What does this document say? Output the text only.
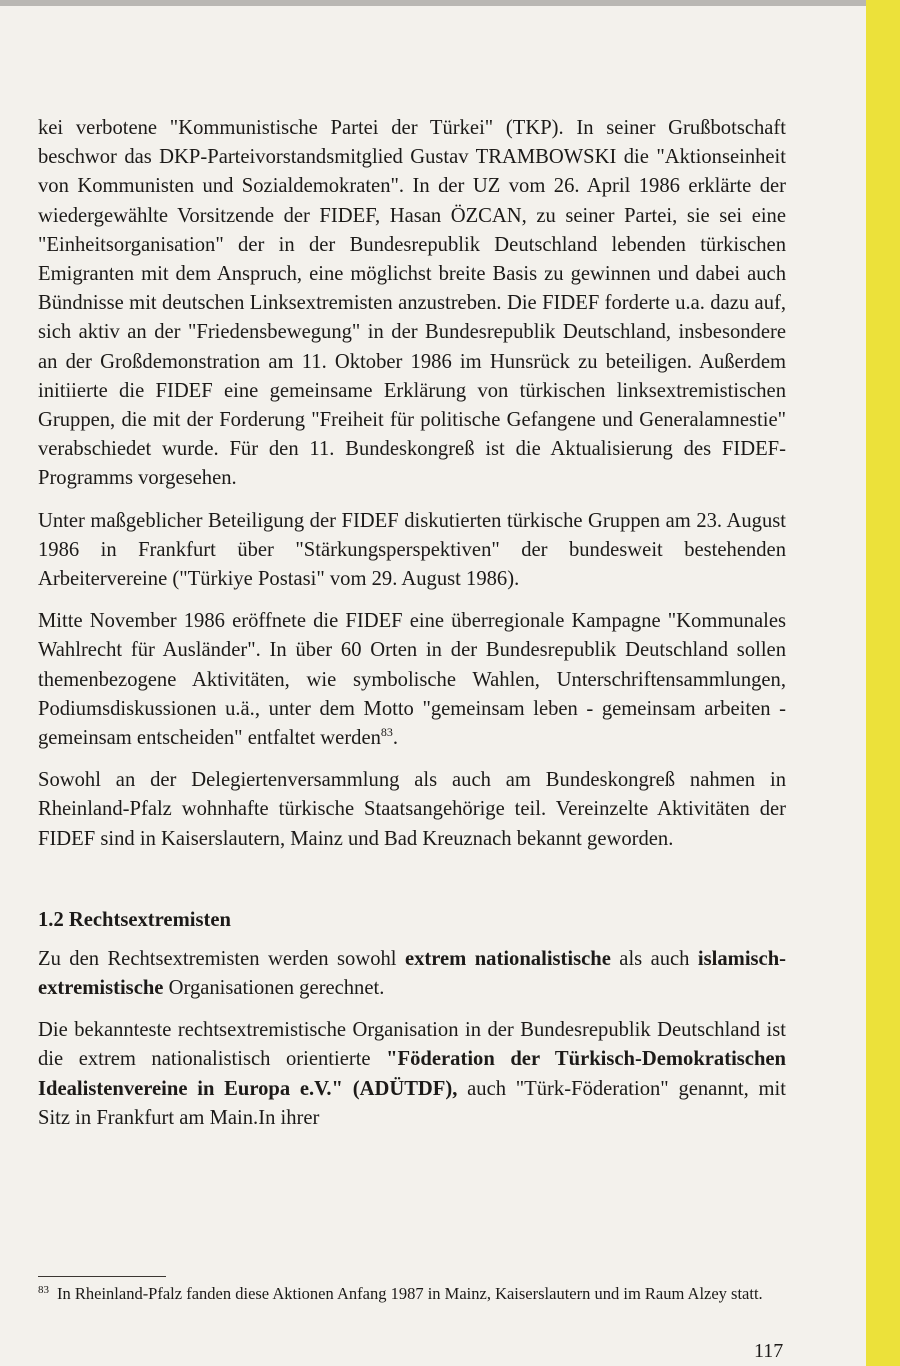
kei verbotene "Kommunistische Partei der Türkei" (TKP). In seiner Grußbotschaft beschwor das DKP-Parteivorstandsmitglied Gustav TRAMBOWSKI die "Aktionseinheit von Kommunisten und Sozialdemokraten". In der UZ vom 26. April 1986 erklärte der wiedergewählte Vorsitzende der FIDEF, Hasan ÖZCAN, zu seiner Partei, sie sei eine "Einheitsorganisation" der in der Bundesrepublik Deutschland lebenden türkischen Emigranten mit dem Anspruch, eine möglichst breite Basis zu gewinnen und dabei auch Bündnisse mit deutschen Linksextremisten anzustreben. Die FIDEF forderte u.a. dazu auf, sich aktiv an der "Friedensbewegung" in der Bundesrepublik Deutschland, insbesondere an der Großdemonstration am 11. Oktober 1986 im Hunsrück zu beteiligen. Außerdem initiierte die FIDEF eine gemeinsame Erklärung von türkischen linksextremistischen Gruppen, die mit der Forderung "Freiheit für politische Gefangene und Generalamnestie" verabschiedet wurde. Für den 11. Bundeskongreß ist die Aktualisierung des FIDEF-Programms vorgesehen.

Unter maßgeblicher Beteiligung der FIDEF diskutierten türkische Gruppen am 23. August 1986 in Frankfurt über "Stärkungsperspektiven" der bundesweit bestehenden Arbeitervereine ("Türkiye Postasi" vom 29. August 1986).

Mitte November 1986 eröffnete die FIDEF eine überregionale Kampagne "Kommunales Wahlrecht für Ausländer". In über 60 Orten in der Bundesrepublik Deutschland sollen themenbezogene Aktivitäten, wie symbolische Wahlen, Unterschriftensammlungen, Podiumsdiskussionen u.ä., unter dem Motto "gemeinsam leben - gemeinsam arbeiten - gemeinsam entscheiden" entfaltet werden$^{83}$.

Sowohl an der Delegiertenversammlung als auch am Bundeskongreß nahmen in Rheinland-Pfalz wohnhafte türkische Staatsangehörige teil. Vereinzelte Aktivitäten der FIDEF sind in Kaiserslautern, Mainz und Bad Kreuznach bekannt geworden.

1.2 Rechtsextremisten

Zu den Rechtsextremisten werden sowohl extrem nationalistische als auch islamisch-extremistische Organisationen gerechnet.

Die bekannteste rechtsextremistische Organisation in der Bundesrepublik Deutschland ist die extrem nationalistisch orientierte "Föderation der Türkisch-Demokratischen Idealistenvereine in Europa e.V." (ADÜTDF), auch "Türk-Föderation" genannt, mit Sitz in Frankfurt am Main.In ihrer

$^{83}$ In Rheinland-Pfalz fanden diese Aktionen Anfang 1987 in Mainz, Kaiserslautern und im Raum Alzey statt.

117
